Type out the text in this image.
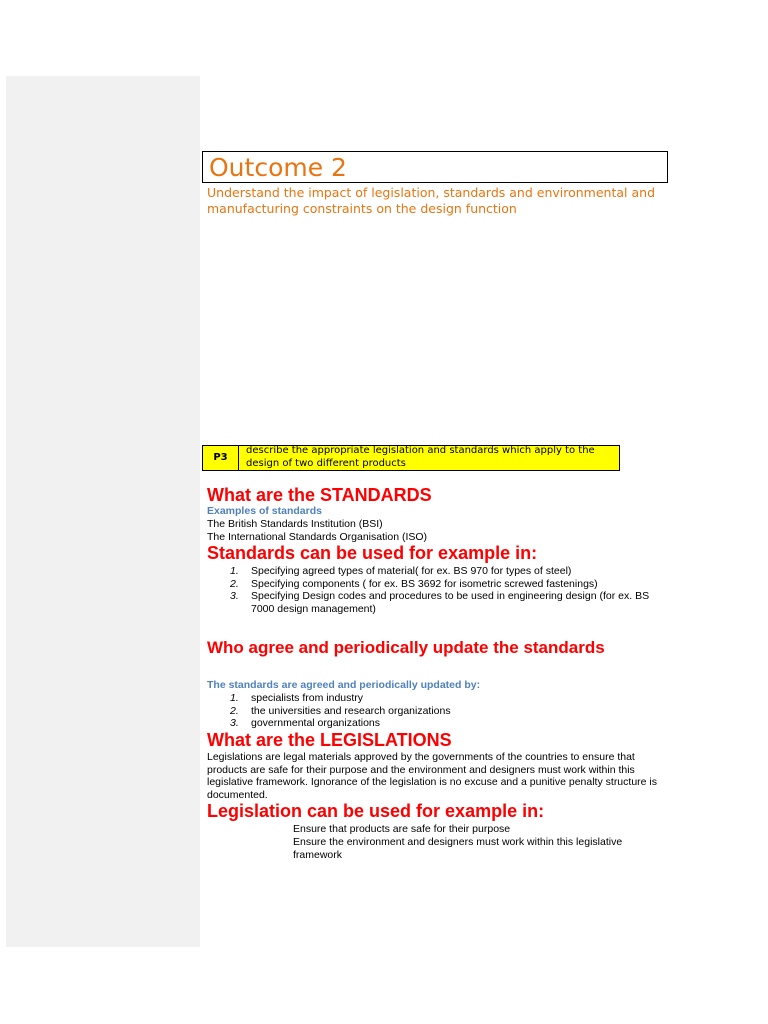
Outcome 2
Understand the impact of legislation, standards and environmental and manufacturing constraints on the design function
P3
describe the appropriate legislation and standards which apply to the design of two different products
What are the STANDARDS
Examples of standards
The British Standards Institution (BSI)
The International Standards Organisation (ISO)
Standards can be used for example in:
1. Specifying agreed types of material( for ex. BS 970 for types of steel)
2. Specifying components ( for ex. BS 3692 for isometric screwed fastenings)
3. Specifying Design codes and procedures to be used in engineering design (for ex. BS 7000 design management)
Who agree and periodically update the standards
The standards are agreed and periodically updated by:
1. specialists from industry
2. the universities and research organizations
3. governmental organizations
What are the LEGISLATIONS
Legislations are legal materials approved by the governments of the countries to ensure that products are safe for their purpose and the environment and designers must work within this legislative framework. Ignorance of the legislation is no excuse and a punitive penalty structure is documented.
Legislation can be used for example in:
Ensure that products are safe for their purpose
Ensure the environment and designers must work within this legislative framework
